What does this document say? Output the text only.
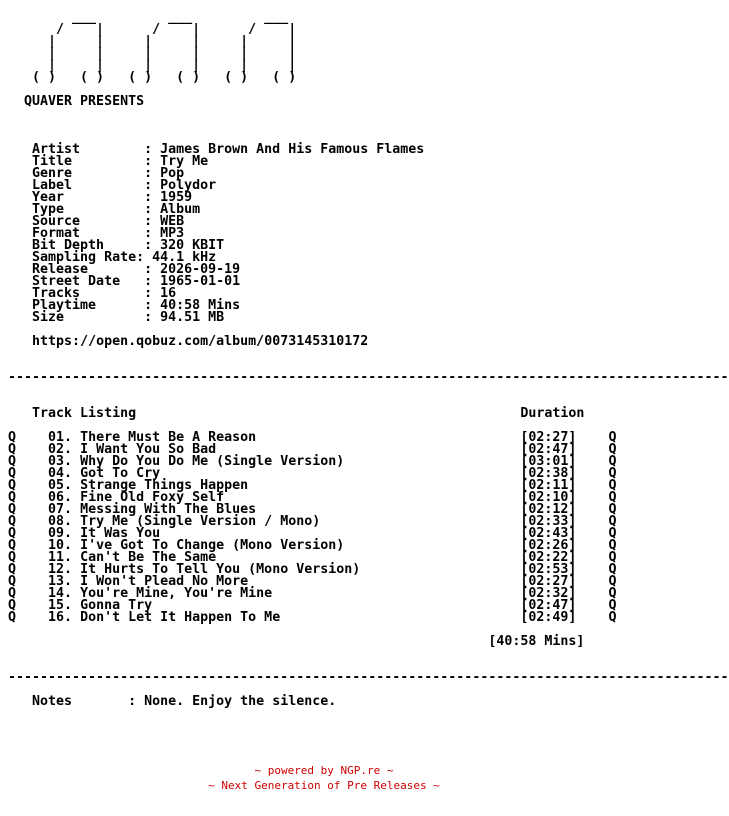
___         ___         ___
/    |      /    |      /    |
|     |     |     |     |     |
|     |     |     |     |     |
|     |     |     |     |     |
( )   ( )   ( )   ( )   ( )   ( )

QUAVER PRESENTS

Artist        : James Brown And His Famous Flames
Title         : Try Me
Genre         : Pop
Label         : Polydor
Year          : 1959
Type          : Album
Source        : WEB
Format        : MP3
Bit Depth     : 320 KBIT
Sampling Rate: 44.1 kHz
Release       : 2026-09-19
Street Date   : 1965-01-01
Tracks        : 16
Playtime      : 40:58 Mins
Size          : 94.51 MB

https://open.qobuz.com/album/0073145310172

------------------------------------------------------------------------------------------

Track Listing                                                Duration

Q    01. There Must Be A Reason                                 [02:27]    Q
Q    02. I Want You So Bad                                      [02:47]    Q
Q    03. Why Do You Do Me (Single Version)                      [03:01]    Q
Q    04. Got To Cry                                             [02:38]    Q
Q    05. Strange Things Happen                                  [02:11]    Q
Q    06. Fine Old Foxy Self                                     [02:10]    Q
Q    07. Messing With The Blues                                 [02:12]    Q
Q    08. Try Me (Single Version / Mono)                         [02:33]    Q
Q    09. It Was You                                             [02:43]    Q
Q    10. I've Got To Change (Mono Version)                      [02:26]    Q
Q    11. Can't Be The Same                                      [02:22]    Q
Q    12. It Hurts To Tell You (Mono Version)                    [02:53]    Q
Q    13. I Won't Plead No More                                  [02:27]    Q
Q    14. You're Mine, You're Mine                               [02:32]    Q
Q    15. Gonna Try                                              [02:47]    Q
Q    16. Don't Let It Happen To Me                              [02:49]    Q

[40:58 Mins]

------------------------------------------------------------------------------------------

Notes       : None. Enjoy the silence.
~ powered by NGP.re ~
~ Next Generation of Pre Releases ~
